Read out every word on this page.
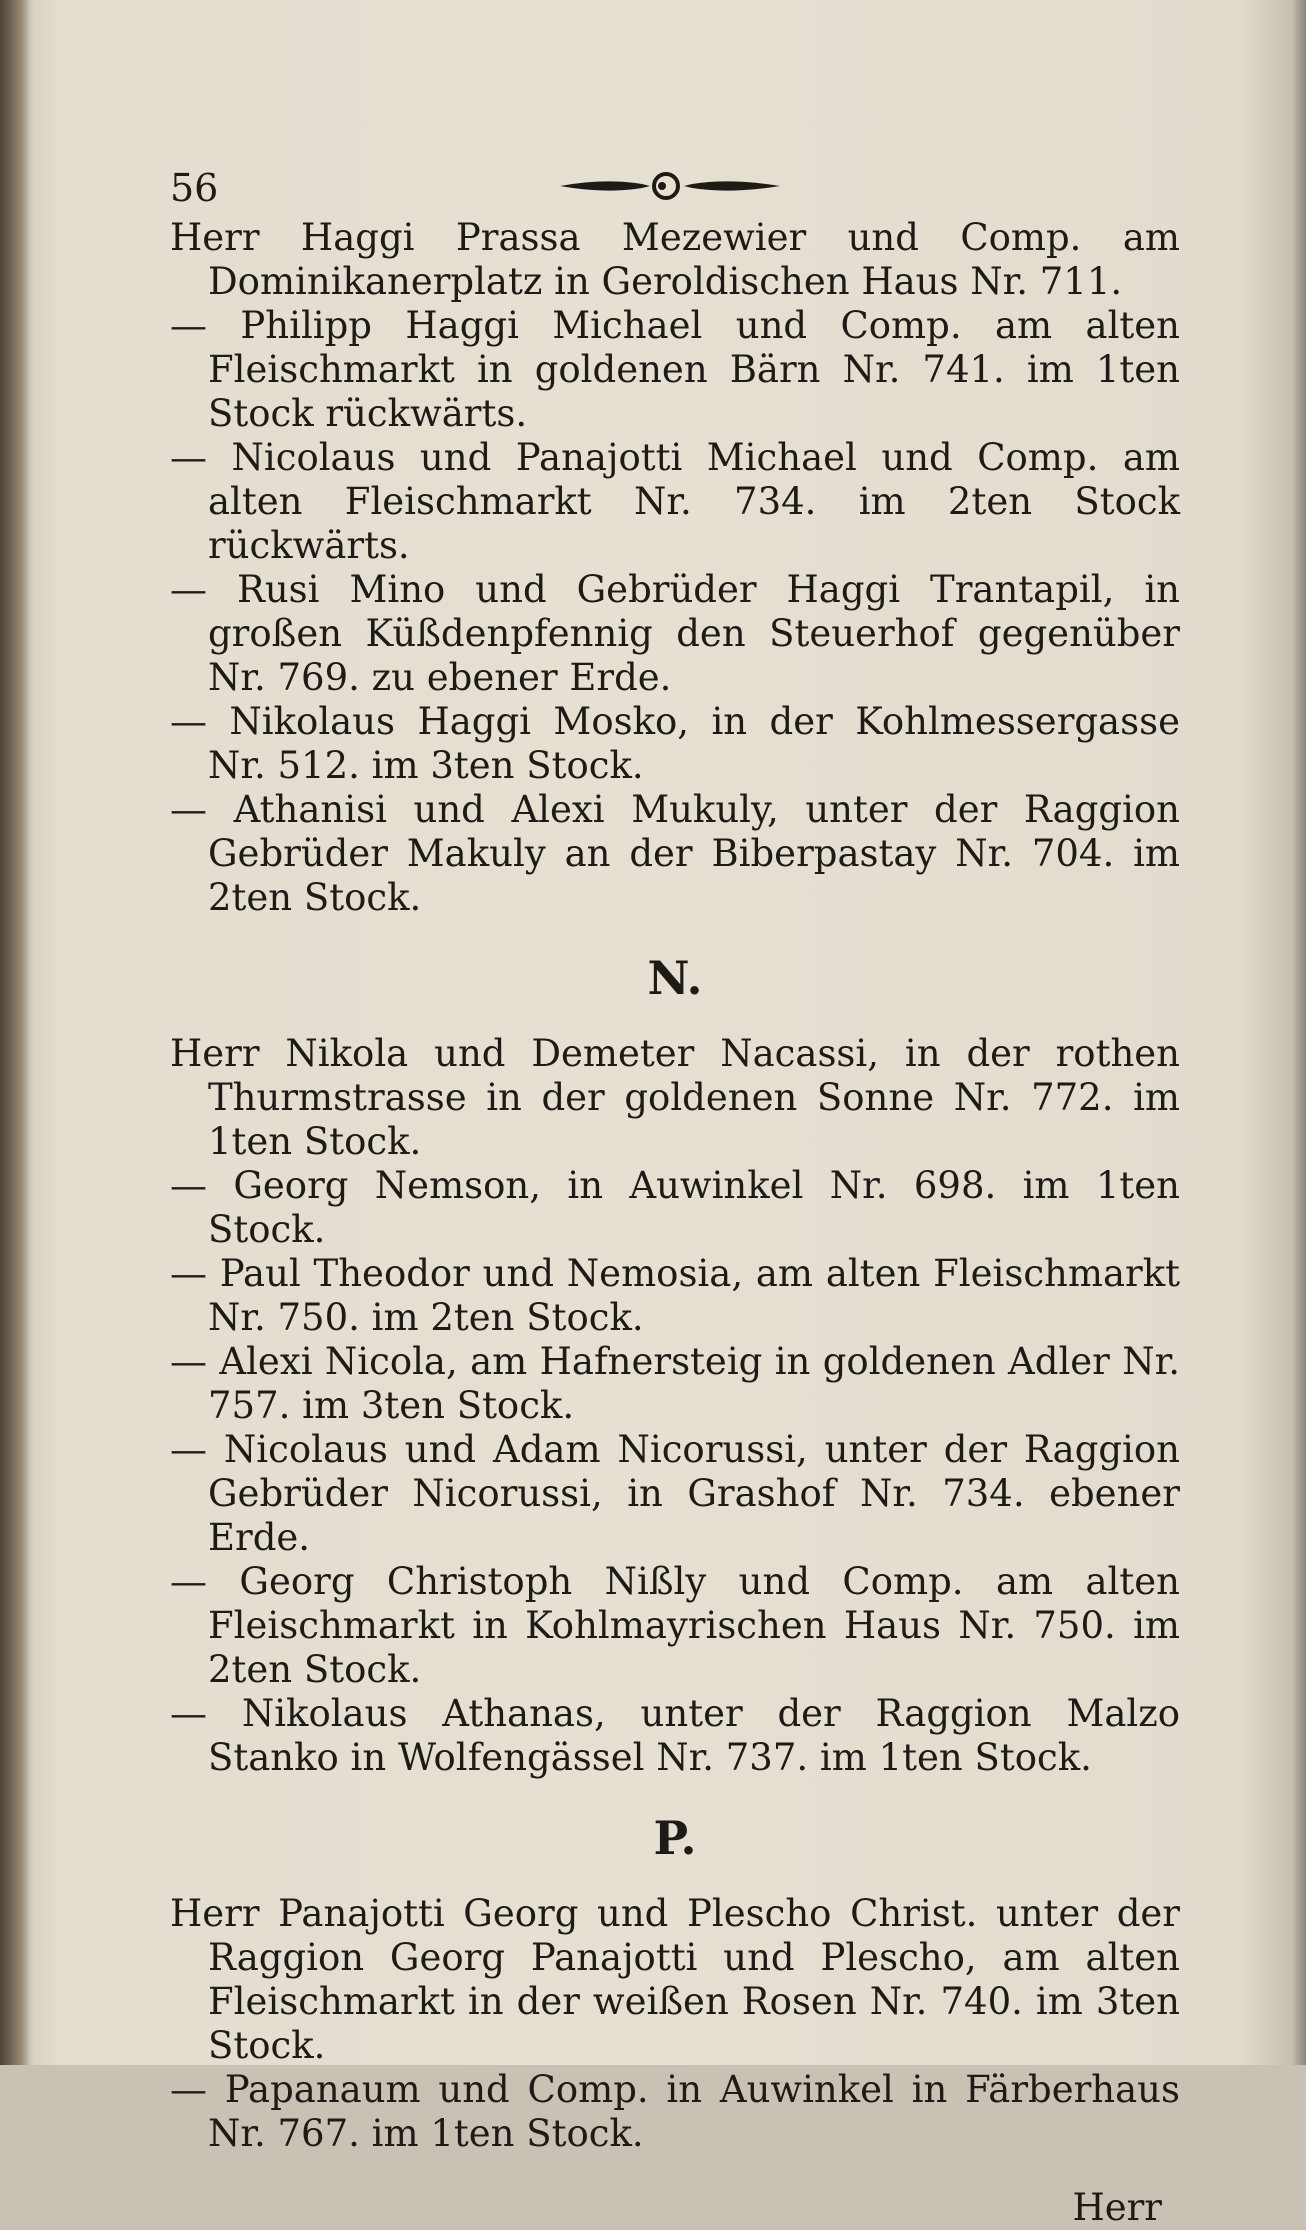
56

Herr Haggi Prassa Mezewier und Comp. am Dominikanerplatz in Geroldischen Haus Nr. 711.

— Philipp Haggi Michael und Comp. am alten Fleischmarkt in goldenen Bärn Nr. 741. im 1ten Stock rückwärts.

— Nicolaus und Panajotti Michael und Comp. am alten Fleischmarkt Nr. 734. im 2ten Stock rückwärts.

— Rusi Mino und Gebrüder Haggi Trantapil, in großen Küßdenpfennig den Steuerhof gegenüber Nr. 769. zu ebener Erde.

— Nikolaus Haggi Mosko, in der Kohlmessergasse Nr. 512. im 3ten Stock.

— Athanisi und Alexi Mukuly, unter der Raggion Gebrüder Makuly an der Biberpastay Nr. 704. im 2ten Stock.

N.

Herr Nikola und Demeter Nacassi, in der rothen Thurmstrasse in der goldenen Sonne Nr. 772. im 1ten Stock.

— Georg Nemson, in Auwinkel Nr. 698. im 1ten Stock.

— Paul Theodor und Nemosia, am alten Fleischmarkt Nr. 750. im 2ten Stock.

— Alexi Nicola, am Hafnersteig in goldenen Adler Nr. 757. im 3ten Stock.

— Nicolaus und Adam Nicorussi, unter der Raggion Gebrüder Nicorussi, in Grashof Nr. 734. ebener Erde.

— Georg Christoph Nißly und Comp. am alten Fleischmarkt in Kohlmayrischen Haus Nr. 750. im 2ten Stock.

— Nikolaus Athanas, unter der Raggion Malzo Stanko in Wolfengässel Nr. 737. im 1ten Stock.

P.

Herr Panajotti Georg und Pleschо Christ. unter der Raggion Georg Panajotti und Pleschо, am alten Fleischmarkt in der weißen Rosen Nr. 740. im 3ten Stock.

— Papanaum und Comp. in Auwinkel in Färberhaus Nr. 767. im 1ten Stock.

Herr
